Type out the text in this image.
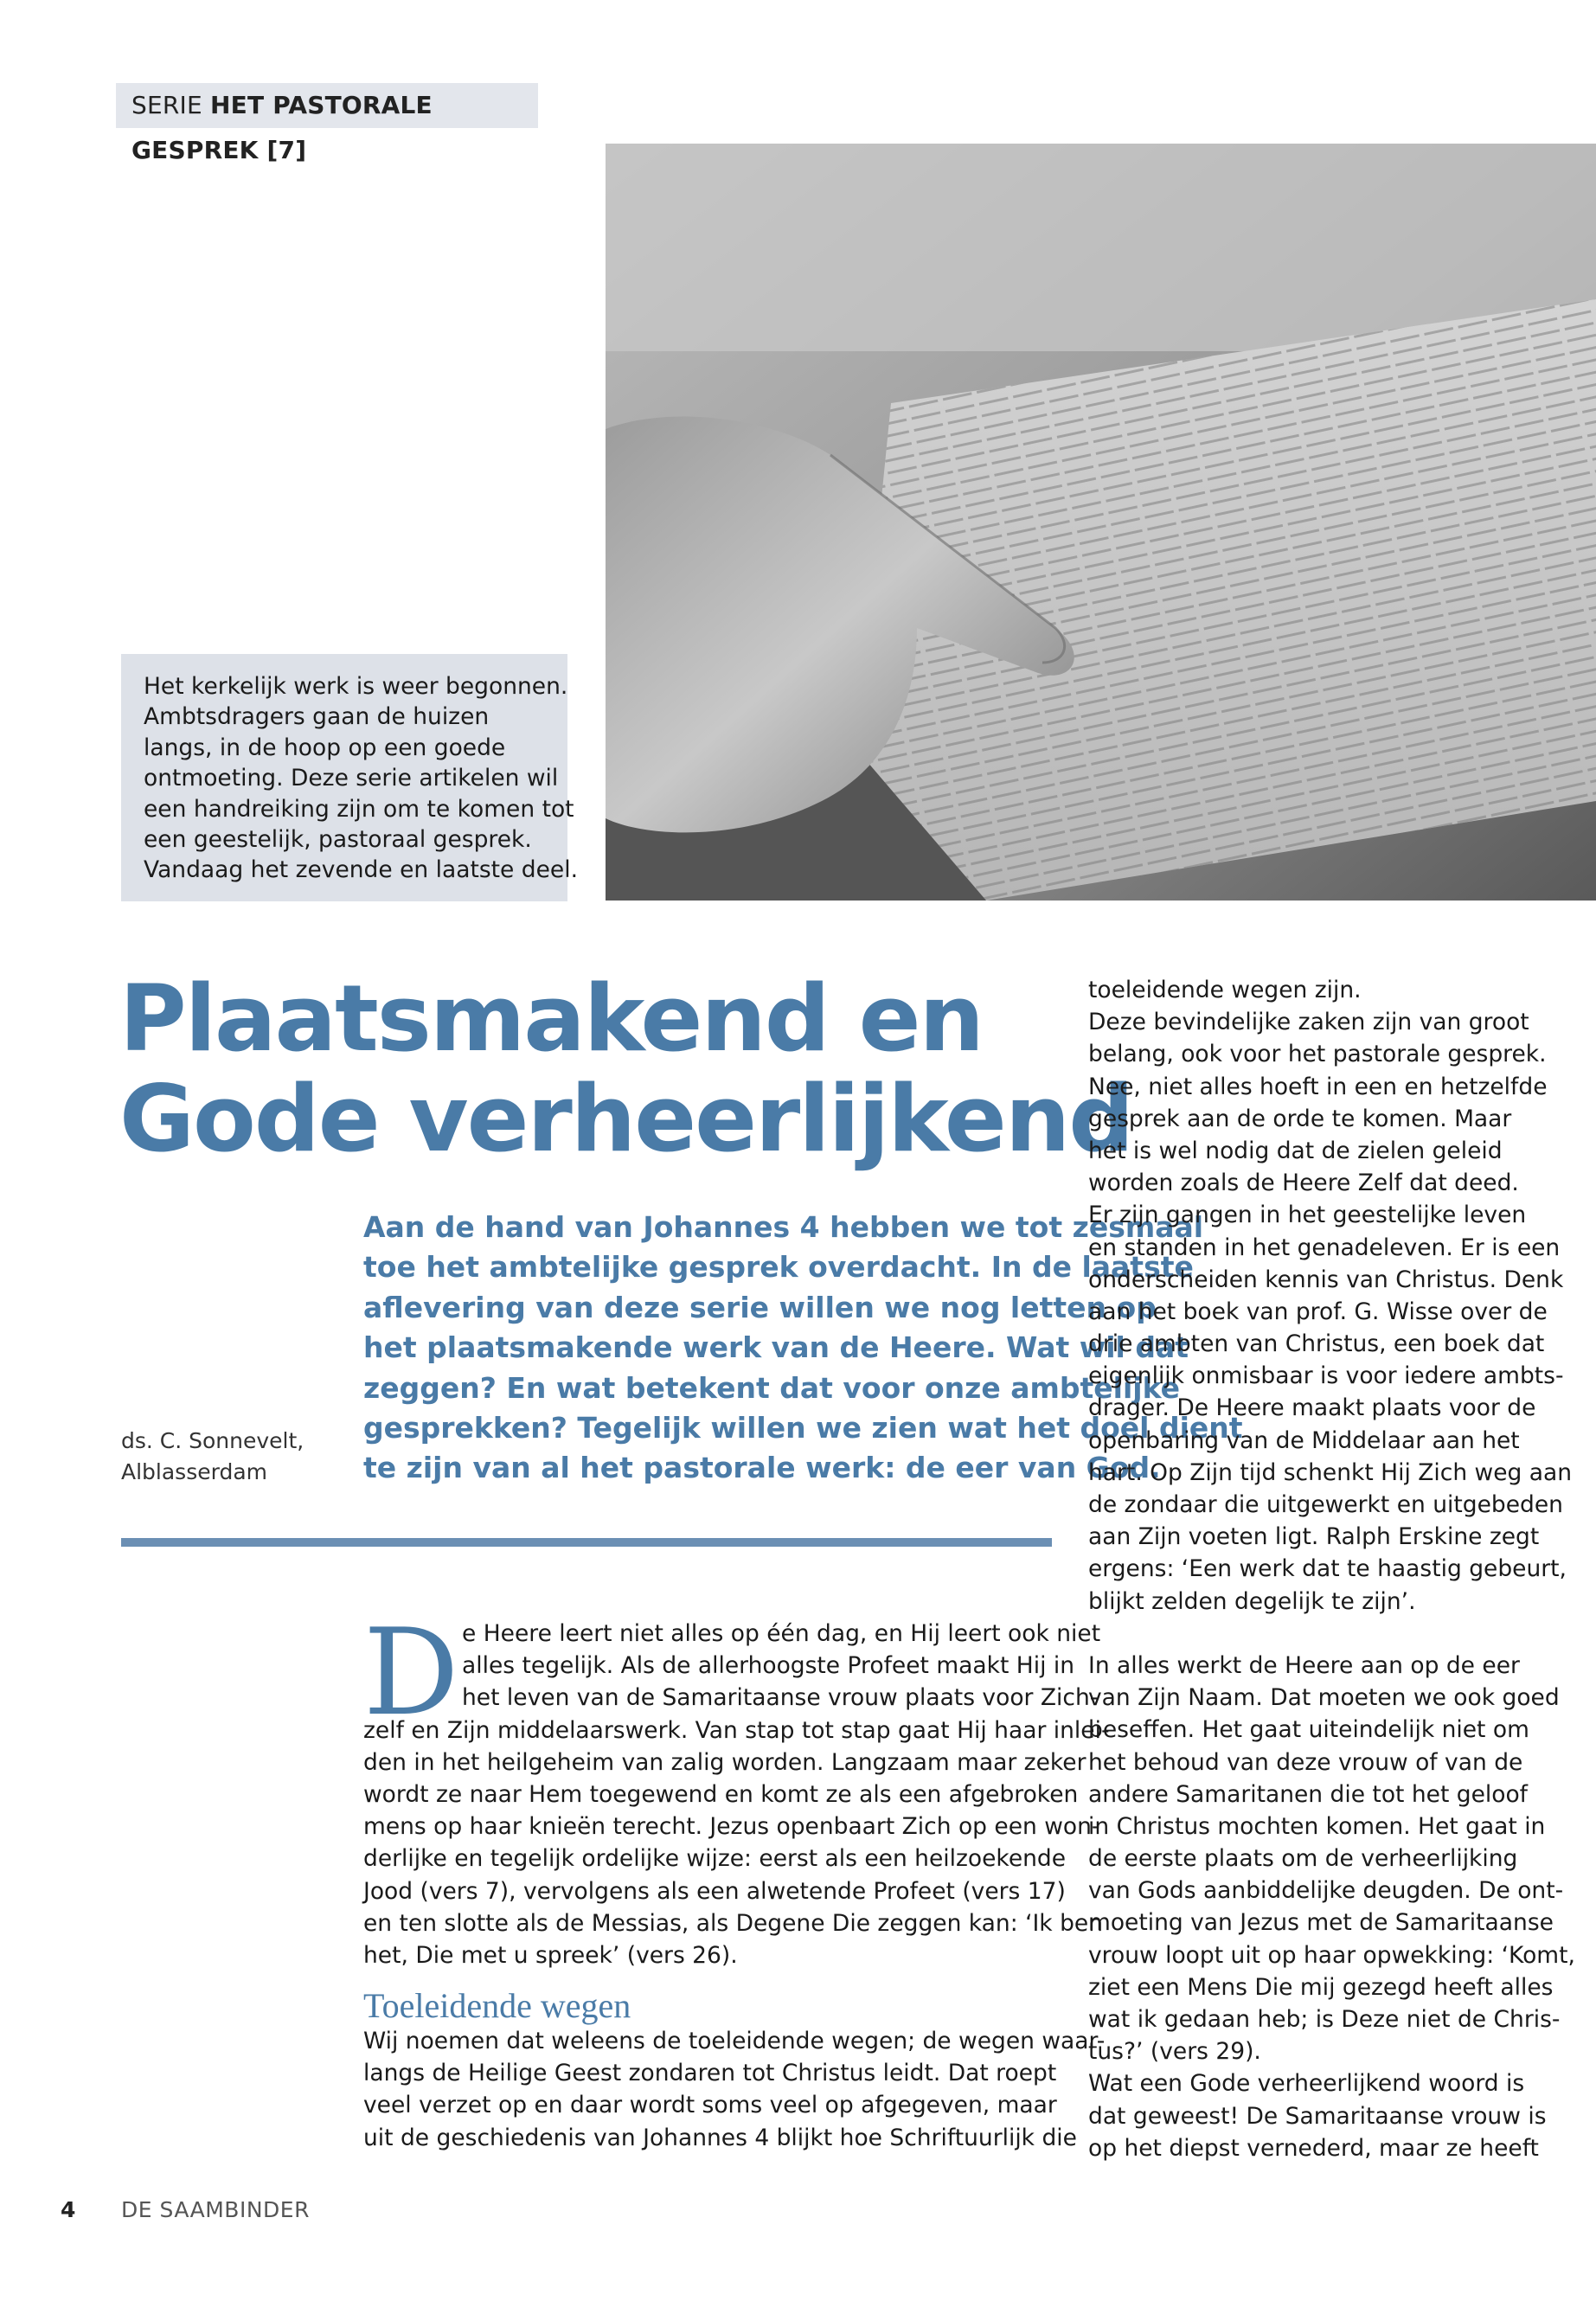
SERIE HET PASTORALE GESPREK [7]
Het kerkelijk werk is weer begonnen.
Ambtsdragers gaan de huizen
langs, in de hoop op een goede
ontmoeting. Deze serie artikelen wil
een handreiking zijn om te komen tot
een geestelijk, pastoraal gesprek.
Vandaag het zevende en laatste deel.
Plaatsmakend en
Gode verheerlijkend
Aan de hand van Johannes 4 hebben we tot zesmaal
toe het ambtelijke gesprek overdacht. In de laatste
aflevering van deze serie willen we nog letten op
het plaatsmakende werk van de Heere. Wat wil dat
zeggen? En wat betekent dat voor onze ambtelijke
gesprekken? Tegelijk willen we zien wat het doel dient
te zijn van al het pastorale werk: de eer van God.
ds. C. Sonnevelt,
Alblasserdam
D e Heere leert niet alles op één dag, en Hij leert ook niet
alles tegelijk. Als de allerhoogste Profeet maakt Hij in
het leven van de Samaritaanse vrouw plaats voor Zich-
zelf en Zijn middelaarswerk. Van stap tot stap gaat Hij haar inlei-
den in het heilgeheim van zalig worden. Langzaam maar zeker
wordt ze naar Hem toegewend en komt ze als een afgebroken
mens op haar knieën terecht. Jezus openbaart Zich op een won-
derlijke en tegelijk ordelijke wijze: eerst als een heilzoekende
Jood (vers 7), vervolgens als een alwetende Profeet (vers 17)
en ten slotte als de Messias, als Degene Die zeggen kan: ‘Ik ben
het, Die met u spreek’ (vers 26).
Toeleidende wegen
Wij noemen dat weleens de toeleidende wegen; de wegen waar-
langs de Heilige Geest zondaren tot Christus leidt. Dat roept
veel verzet op en daar wordt soms veel op afgegeven, maar
uit de geschiedenis van Johannes 4 blijkt hoe Schriftuurlijk die
toeleidende wegen zijn.
Deze bevindelijke zaken zijn van groot
belang, ook voor het pastorale gesprek.
Nee, niet alles hoeft in een en hetzelfde
gesprek aan de orde te komen. Maar
het is wel nodig dat de zielen geleid
worden zoals de Heere Zelf dat deed.
Er zijn gangen in het geestelijke leven
en standen in het genadeleven. Er is een
onderscheiden kennis van Christus. Denk
aan het boek van prof. G. Wisse over de
drie ambten van Christus, een boek dat
eigenlijk onmisbaar is voor iedere ambts-
drager. De Heere maakt plaats voor de
openbaring van de Middelaar aan het
hart. Op Zijn tijd schenkt Hij Zich weg aan
de zondaar die uitgewerkt en uitgebeden
aan Zijn voeten ligt. Ralph Erskine zegt
ergens: ‘Een werk dat te haastig gebeurt,
blijkt zelden degelijk te zijn’.
In alles werkt de Heere aan op de eer
van Zijn Naam. Dat moeten we ook goed
beseffen. Het gaat uiteindelijk niet om
het behoud van deze vrouw of van de
andere Samaritanen die tot het geloof
in Christus mochten komen. Het gaat in
de eerste plaats om de verheerlijking
van Gods aanbiddelijke deugden. De ont-
moeting van Jezus met de Samaritaanse
vrouw loopt uit op haar opwekking: ‘Komt,
ziet een Mens Die mij gezegd heeft alles
wat ik gedaan heb; is Deze niet de Chris-
tus?’ (vers 29).
Wat een Gode verheerlijkend woord is
dat geweest! De Samaritaanse vrouw is
op het diepst vernederd, maar ze heeft
4 DE SAAMBINDER
